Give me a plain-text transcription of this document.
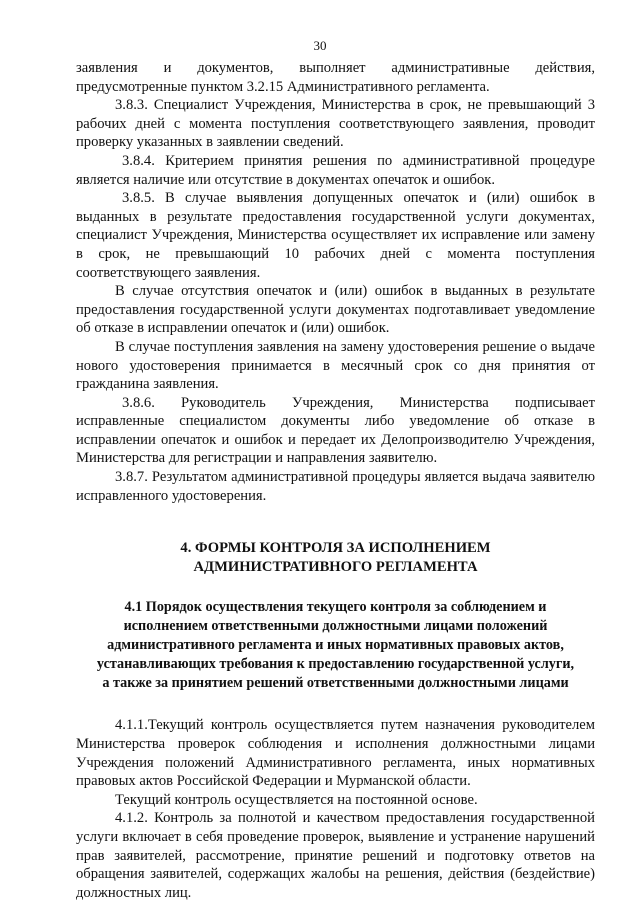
30

заявления и документов, выполняет административные действия, предусмотренные пунктом 3.2.15 Административного регламента.

3.8.3. Специалист Учреждения, Министерства в срок, не превышающий 3 рабочих дней с момента поступления соответствующего заявления, проводит проверку указанных в заявлении сведений.

3.8.4. Критерием принятия решения по административной процедуре является наличие или отсутствие в документах опечаток и ошибок.

3.8.5. В случае выявления допущенных опечаток и (или) ошибок в выданных в результате предоставления государственной услуги документах, специалист Учреждения, Министерства осуществляет их исправление или замену в срок, не превышающий 10 рабочих дней с момента поступления соответствующего заявления.

В случае отсутствия опечаток и (или) ошибок в выданных в результате предоставления государственной услуги документах подготавливает уведомление об отказе в исправлении опечаток и (или) ошибок.

В случае поступления заявления на замену удостоверения решение о выдаче нового удостоверения принимается в месячный срок со дня принятия от гражданина заявления.

3.8.6. Руководитель Учреждения, Министерства подписывает исправленные специалистом документы либо уведомление об отказе в исправлении опечаток и ошибок и передает их Делопроизводителю Учреждения, Министерства для регистрации и направления заявителю.

3.8.7. Результатом административной процедуры является выдача заявителю исправленного удостоверения.

4. ФОРМЫ КОНТРОЛЯ ЗА ИСПОЛНЕНИЕМ
АДМИНИСТРАТИВНОГО РЕГЛАМЕНТА

4.1 Порядок осуществления текущего контроля за соблюдением и
исполнением ответственными должностными лицами положений
административного регламента и иных нормативных правовых актов,
устанавливающих требования к предоставлению государственной услуги,
а также за принятием решений ответственными должностными лицами

4.1.1.Текущий контроль осуществляется путем назначения руководителем Министерства проверок соблюдения и исполнения должностными лицами Учреждения положений Административного регламента, иных нормативных правовых актов Российской Федерации и Мурманской области.

Текущий контроль осуществляется на постоянной основе.

4.1.2. Контроль за полнотой и качеством предоставления государственной услуги включает в себя проведение проверок, выявление и устранение нарушений прав заявителей, рассмотрение, принятие решений и подготовку ответов на обращения заявителей, содержащих жалобы на решения, действия (бездействие) должностных лиц.
